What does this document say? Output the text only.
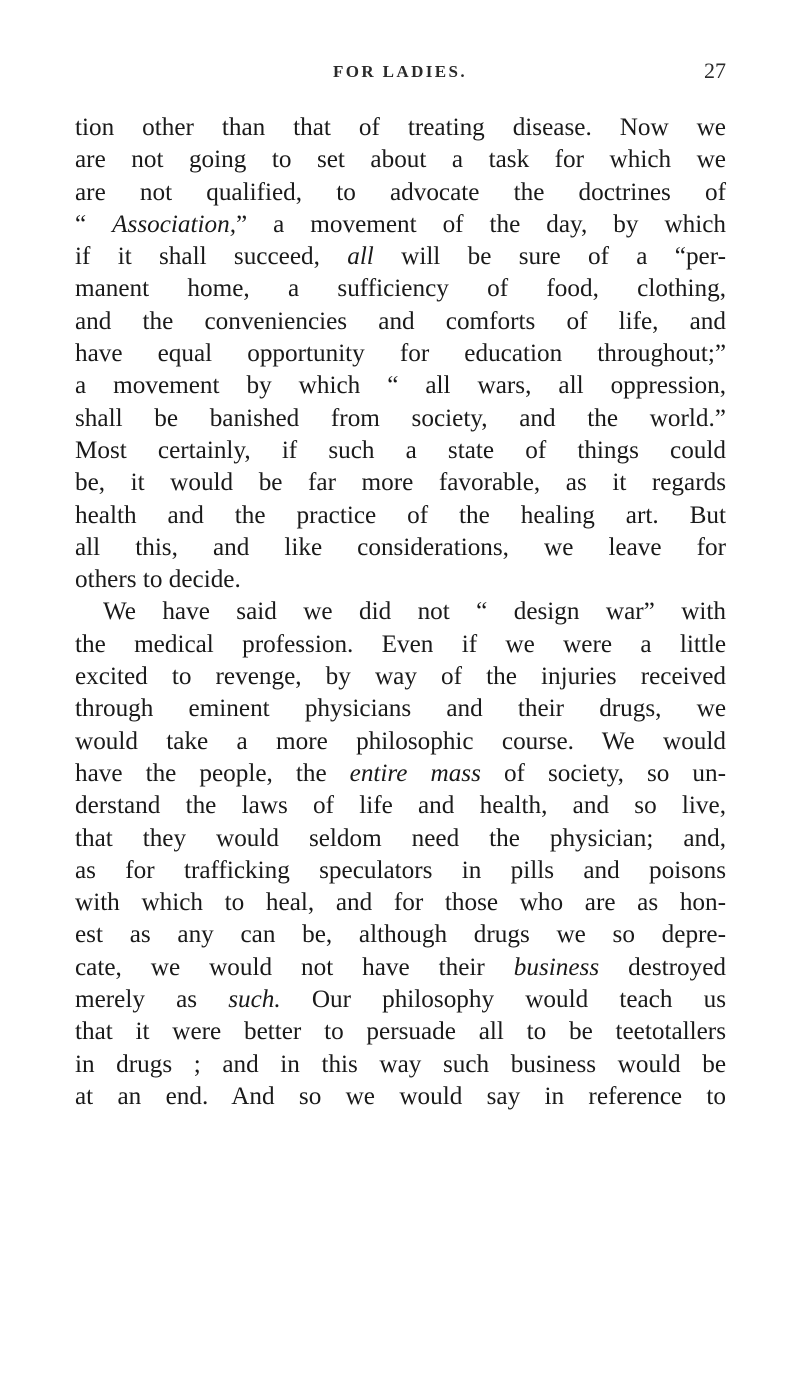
FOR LADIES.	27
tion other than that of treating disease. Now we
are not going to set about a task for which we
are not qualified, to advocate the doctrines of
“ Association,” a movement of the day, by which
if it shall succeed, all will be sure of a “per-
manent home, a sufficiency of food, clothing,
and the conveniencies and comforts of life, and
have equal opportunity for education throughout;”
a movement by which “ all wars, all oppression,
shall be banished from society, and the world.”
Most certainly, if such a state of things could
be, it would be far more favorable, as it regards
health and the practice of the healing art. But
all this, and like considerations, we leave for
others to decide.
We have said we did not “ design war” with
the medical profession. Even if we were a little
excited to revenge, by way of the injuries received
through eminent physicians and their drugs, we
would take a more philosophic course. We would
have the people, the entire mass of society, so un-
derstand the laws of life and health, and so live,
that they would seldom need the physician; and,
as for trafficking speculators in pills and poisons
with which to heal, and for those who are as hon-
est as any can be, although drugs we so depre-
cate, we would not have their business destroyed
merely as such. Our philosophy would teach us
that it were better to persuade all to be teetotallers
in drugs ; and in this way such business would be
at an end. And so we would say in reference to
